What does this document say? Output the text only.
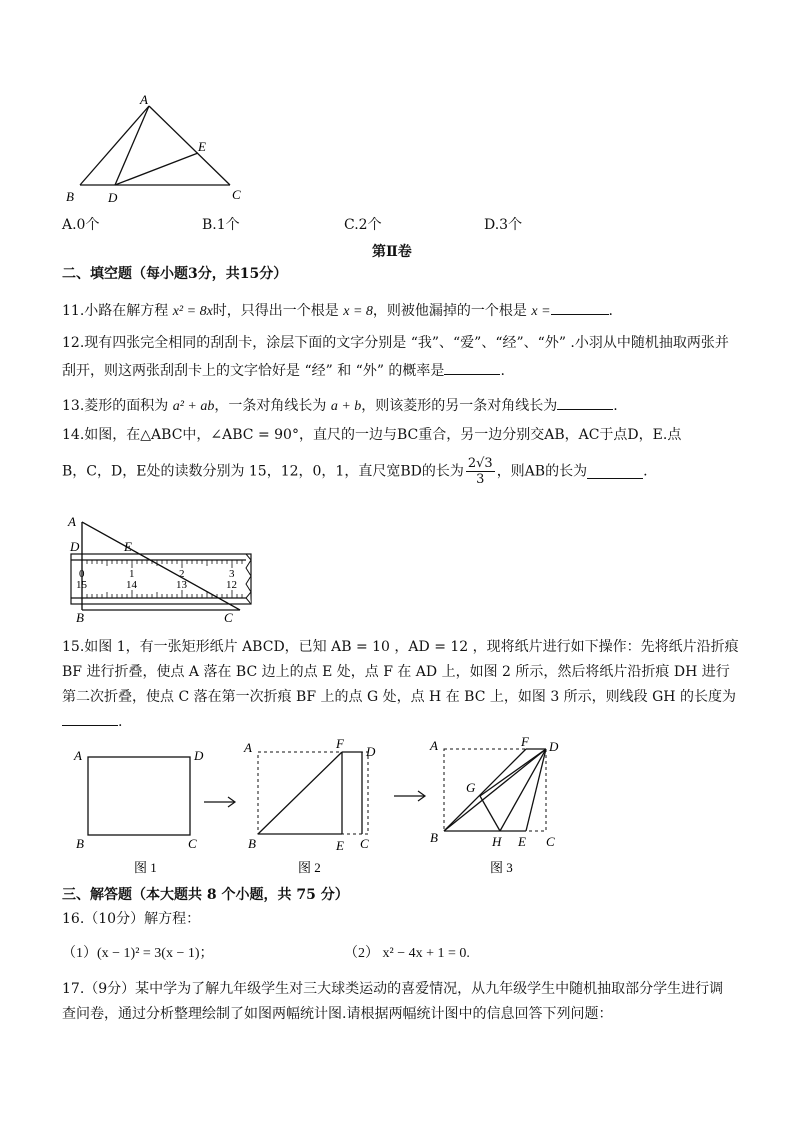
A
B	D	C
E
A.0个	B.1个	C.2个	D.3个
第Ⅱ卷
二、填空题（每小题3分，共15分）
11.小路在解方程 x² = 8x时，只得出一个根是 x = 8，则被他漏掉的一个根是 x =	.
12.现有四张完全相同的刮刮卡，涂层下面的文字分别是 “我”、“爱”、“经”、“外” .小羽从中随机抽取两张并
刮开，则这两张刮刮卡上的文字恰好是 “经” 和 “外” 的概率是	.
13.菱形的面积为 a² + ab，一条对角线长为 a + b，则该菱形的另一条对角线长为	.
14.如图，在△ABC中，∠ABC = 90°，直尺的一边与BC重合，另一边分别交AB，AC于点D，E.点
B，C，D，E处的读数分别为 15，12，0，1，直尺宽BD的长为 $\frac{2√3}{3}$ ，则AB的长为	.
0	1	2	3
15	14	13	12
A
D	E
B	C
15.如图 1，有一张矩形纸片 ABCD，已知 AB = 10 ，AD = 12 ，现将纸片进行如下操作：先将纸片沿折痕
BF 进行折叠，使点 A 落在 BC 边上的点 E 处，点 F 在 AD 上，如图 2 所示，然后将纸片沿折痕 DH 进行
第二次折叠，使点 C 落在第一次折痕 BF 上的点 G 处，点 H 在 BC 上，如图 3 所示，则线段 GH 的长度为
.
A	D
B	C
A	F
D
B	E C
A	F D
G
B	H E C
图 1	图 2	图 3
三、解答题（本大题共 8 个小题，共 75 分）
16.（10分）解方程：
（1）(x − 1)² = 3(x − 1)；	（2） x² − 4x + 1 = 0.
17.（9分）某中学为了解九年级学生对三大球类运动的喜爱情况，从九年级学生中随机抽取部分学生进行调
查问卷，通过分析整理绘制了如图两幅统计图.请根据两幅统计图中的信息回答下列问题：
